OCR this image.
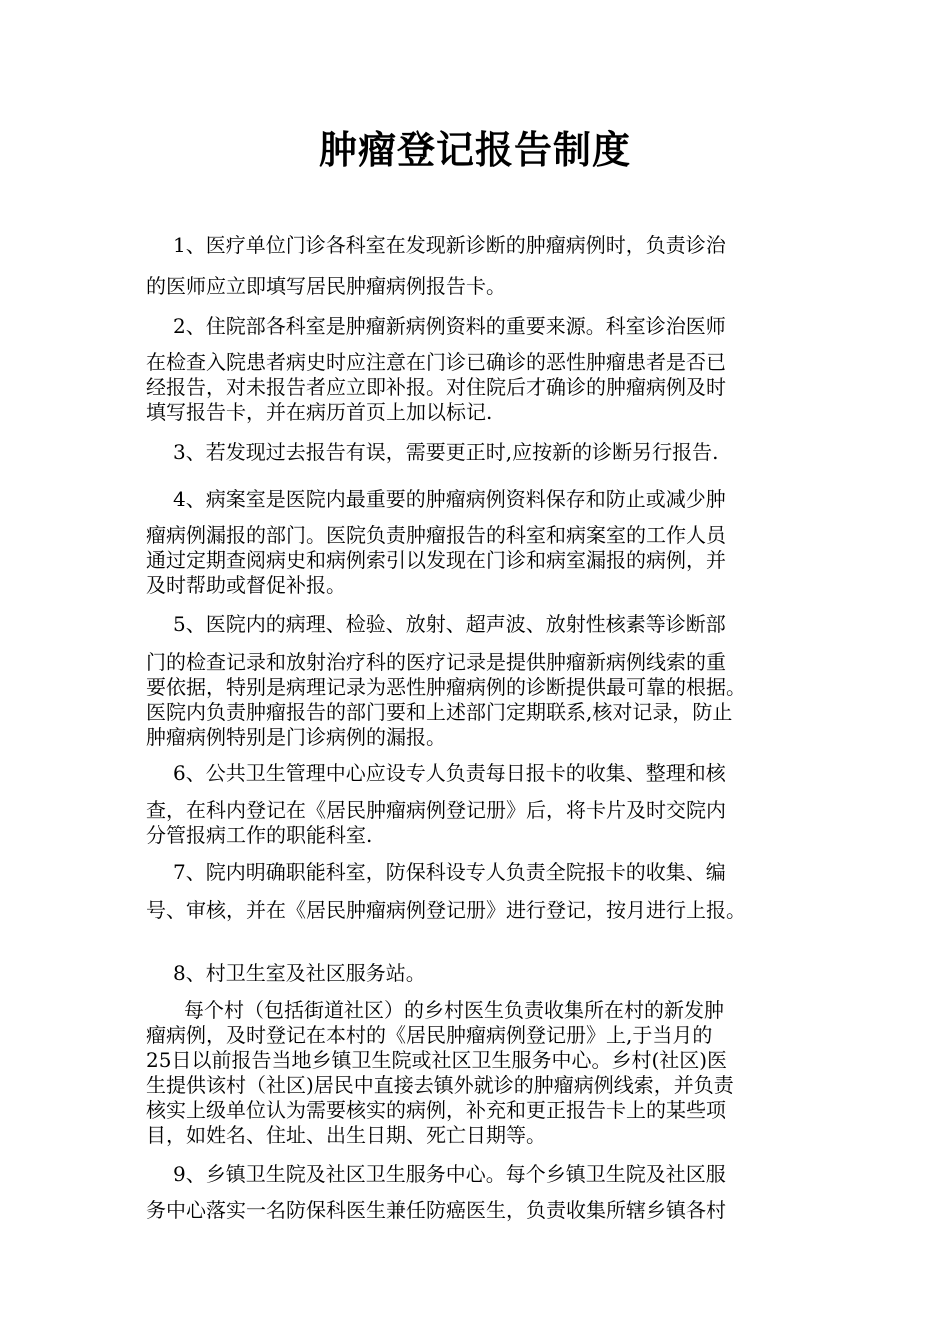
肿瘤登记报告制度
1、医疗单位门诊各科室在发现新诊断的肿瘤病例时，负责诊治
的医师应立即填写居民肿瘤病例报告卡。
2、住院部各科室是肿瘤新病例资料的重要来源。科室诊治医师
在检查入院患者病史时应注意在门诊已确诊的恶性肿瘤患者是否已
经报告，对未报告者应立即补报。对住院后才确诊的肿瘤病例及时
填写报告卡，并在病历首页上加以标记.
3、若发现过去报告有误，需要更正时,应按新的诊断另行报告.
4、病案室是医院内最重要的肿瘤病例资料保存和防止或减少肿
瘤病例漏报的部门。医院负责肿瘤报告的科室和病案室的工作人员
通过定期查阅病史和病例索引以发现在门诊和病室漏报的病例，并
及时帮助或督促补报。
5、医院内的病理、检验、放射、超声波、放射性核素等诊断部
门的检查记录和放射治疗科的医疗记录是提供肿瘤新病例线索的重
要依据，特别是病理记录为恶性肿瘤病例的诊断提供最可靠的根据。
医院内负责肿瘤报告的部门要和上述部门定期联系,核对记录，防止
肿瘤病例特别是门诊病例的漏报。
6、公共卫生管理中心应设专人负责每日报卡的收集、整理和核
查，在科内登记在《居民肿瘤病例登记册》后，将卡片及时交院内
分管报病工作的职能科室.
7、院内明确职能科室，防保科设专人负责全院报卡的收集、编
号、审核，并在《居民肿瘤病例登记册》进行登记，按月进行上报。
8、村卫生室及社区服务站。
每个村（包括街道社区）的乡村医生负责收集所在村的新发肿
瘤病例，及时登记在本村的《居民肿瘤病例登记册》上,于当月的
25日以前报告当地乡镇卫生院或社区卫生服务中心。乡村(社区)医
生提供该村（社区)居民中直接去镇外就诊的肿瘤病例线索，并负责
核实上级单位认为需要核实的病例，补充和更正报告卡上的某些项
目，如姓名、住址、出生日期、死亡日期等。
9、乡镇卫生院及社区卫生服务中心。每个乡镇卫生院及社区服
务中心落实一名防保科医生兼任防癌医生，负责收集所辖乡镇各村
